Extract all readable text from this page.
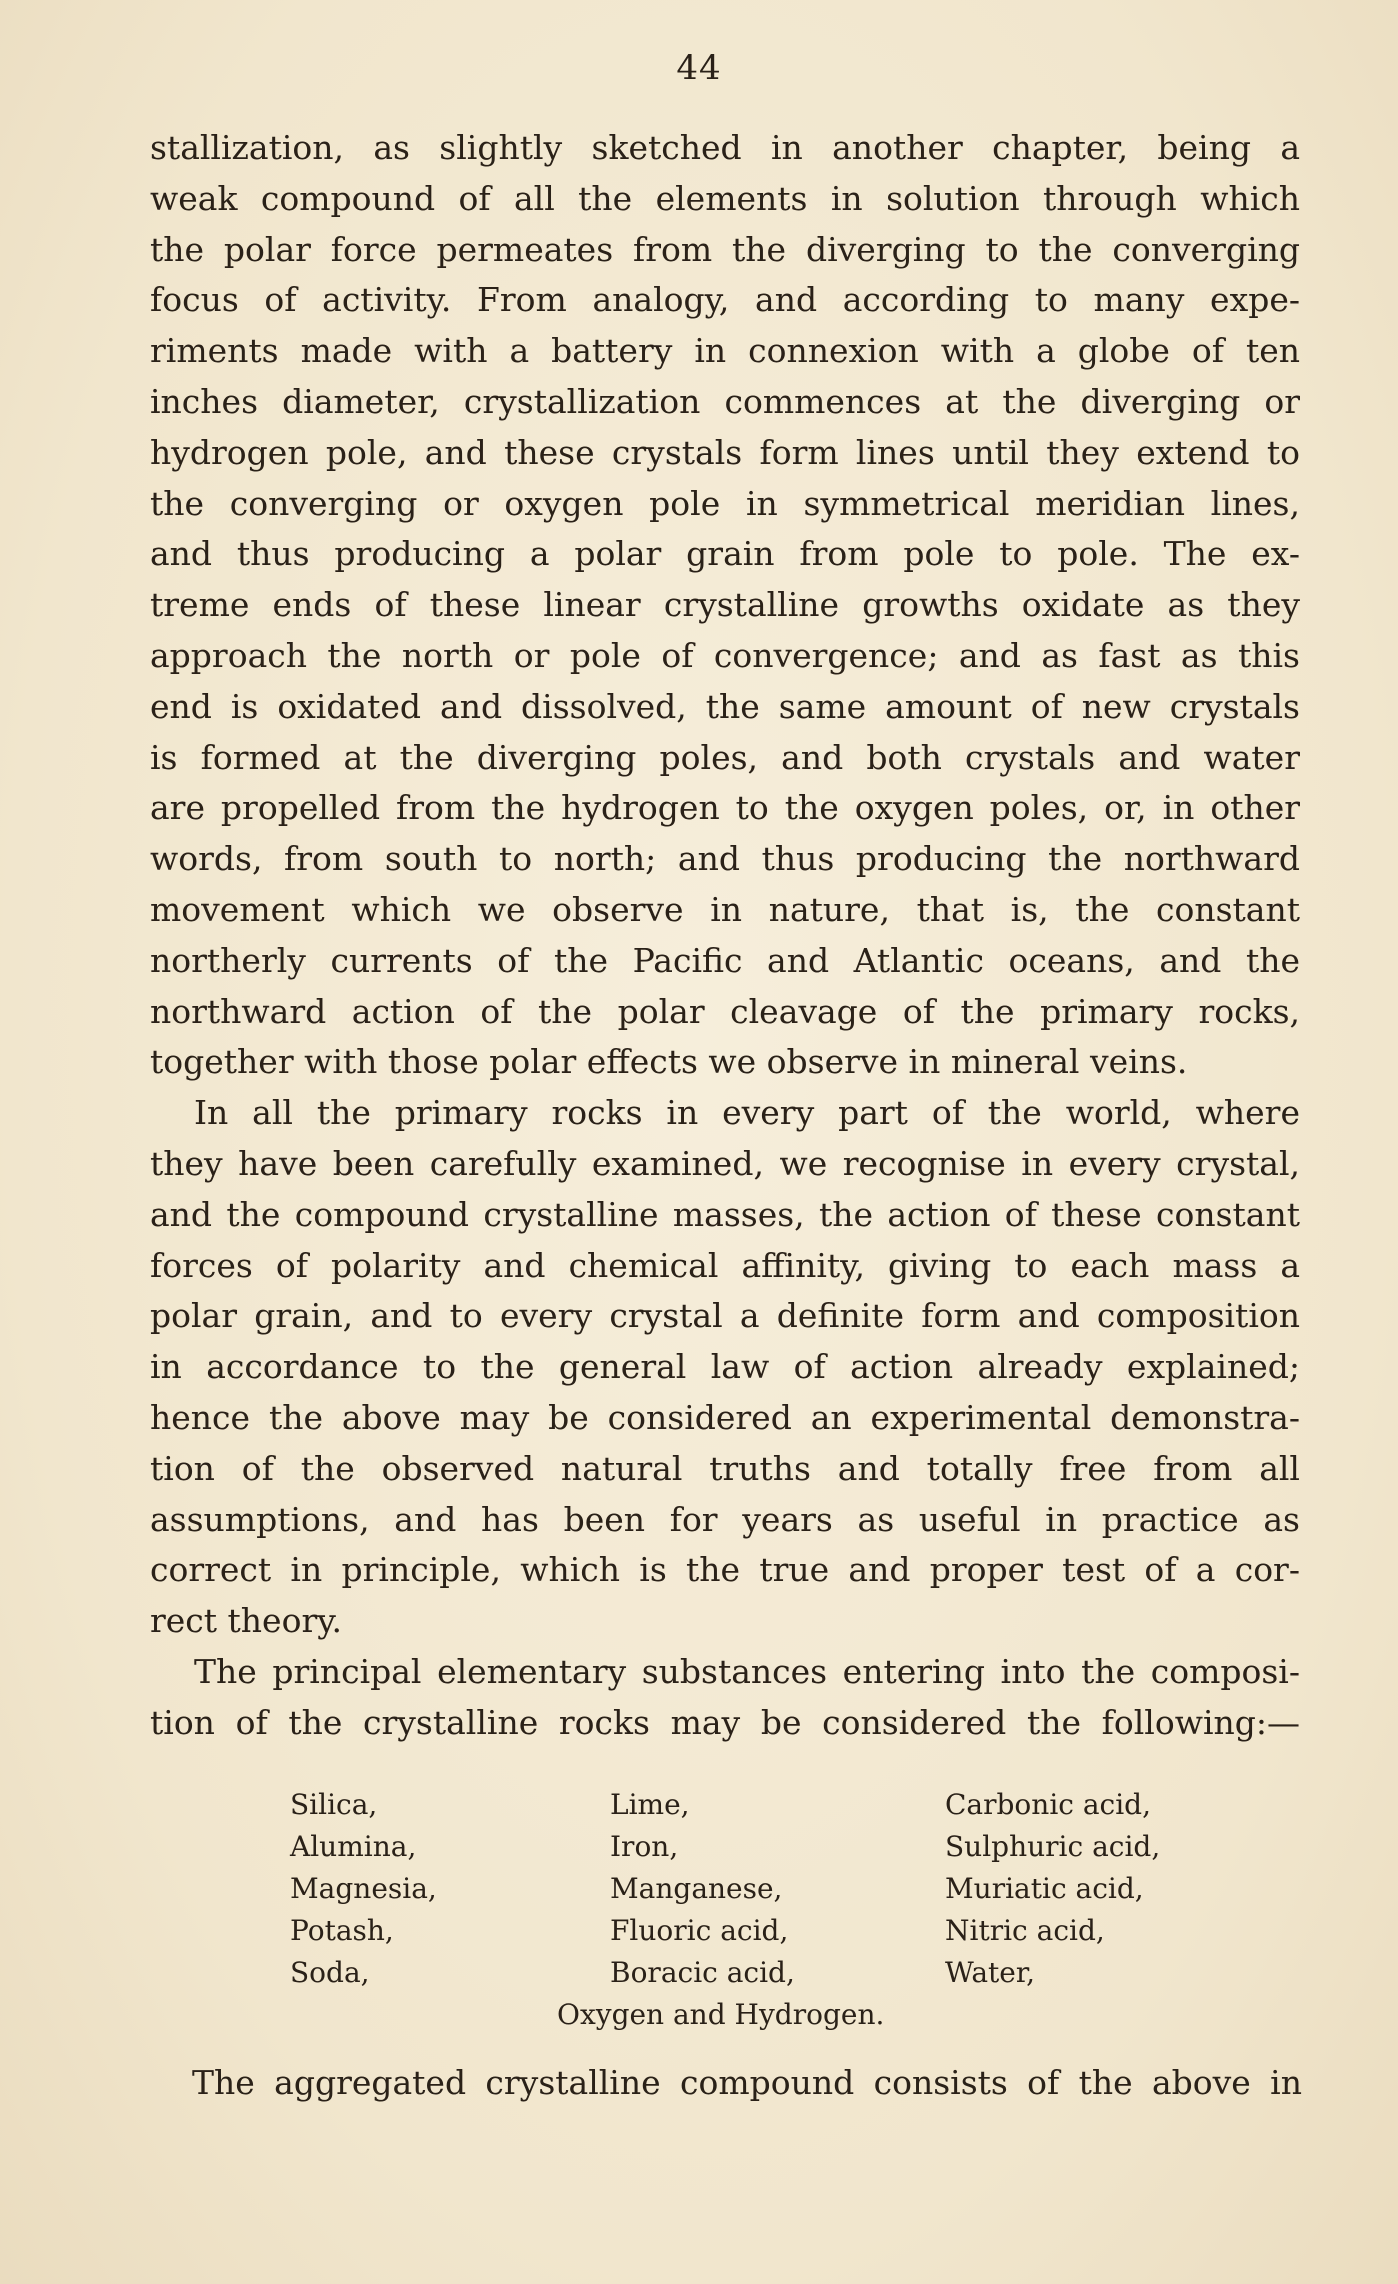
44
stallization, as slightly sketched in another chapter, being a
weak compound of all the elements in solution through which
the polar force permeates from the diverging to the converging
focus of activity. From analogy, and according to many expe-
riments made with a battery in connexion with a globe of ten
inches diameter, crystallization commences at the diverging or
hydrogen pole, and these crystals form lines until they extend to
the converging or oxygen pole in symmetrical meridian lines,
and thus producing a polar grain from pole to pole. The ex-
treme ends of these linear crystalline growths oxidate as they
approach the north or pole of convergence; and as fast as this
end is oxidated and dissolved, the same amount of new crystals
is formed at the diverging poles, and both crystals and water
are propelled from the hydrogen to the oxygen poles, or, in other
words, from south to north; and thus producing the northward
movement which we observe in nature, that is, the constant
northerly currents of the Pacific and Atlantic oceans, and the
northward action of the polar cleavage of the primary rocks,
together with those polar effects we observe in mineral veins.
In all the primary rocks in every part of the world, where
they have been carefully examined, we recognise in every crystal,
and the compound crystalline masses, the action of these constant
forces of polarity and chemical affinity, giving to each mass a
polar grain, and to every crystal a definite form and composition
in accordance to the general law of action already explained;
hence the above may be considered an experimental demonstra-
tion of the observed natural truths and totally free from all
assumptions, and has been for years as useful in practice as
correct in principle, which is the true and proper test of a cor-
rect theory.
The principal elementary substances entering into the composi-
tion of the crystalline rocks may be considered the following:—
Silica,
Alumina,
Magnesia,
Potash,
Soda,
Lime,
Iron,
Manganese,
Fluoric acid,
Boracic acid,
Carbonic acid,
Sulphuric acid,
Muriatic acid,
Nitric acid,
Water,
Oxygen and Hydrogen.
The aggregated crystalline compound consists of the above in
